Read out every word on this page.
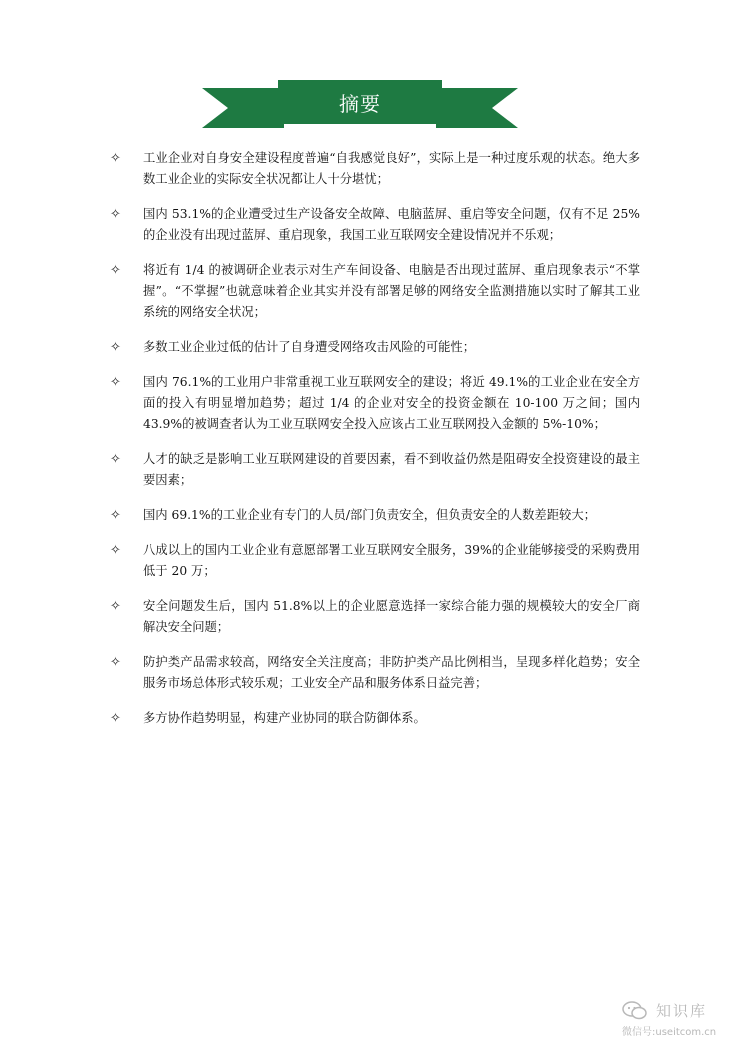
摘要
✧ 工业企业对自身安全建设程度普遍“自我感觉良好”，实际上是一种过度乐观的状态。绝大多数工业企业的实际安全状况都让人十分堪忧；
✧ 国内 53.1%的企业遭受过生产设备安全故障、电脑蓝屏、重启等安全问题，仅有不足 25%的企业没有出现过蓝屏、重启现象，我国工业互联网安全建设情况并不乐观；
✧ 将近有 1/4 的被调研企业表示对生产车间设备、电脑是否出现过蓝屏、重启现象表示“不掌握”。“不掌握”也就意味着企业其实并没有部署足够的网络安全监测措施以实时了解其工业系统的网络安全状况；
✧ 多数工业企业过低的估计了自身遭受网络攻击风险的可能性；
✧ 国内 76.1%的工业用户非常重视工业互联网安全的建设；将近 49.1%的工业企业在安全方面的投入有明显增加趋势；超过 1/4 的企业对安全的投资金额在 10-100 万之间；国内 43.9%的被调查者认为工业互联网安全投入应该占工业互联网投入金额的 5%-10%；
✧ 人才的缺乏是影响工业互联网建设的首要因素，看不到收益仍然是阻碍安全投资建设的最主要因素；
✧ 国内 69.1%的工业企业有专门的人员/部门负责安全，但负责安全的人数差距较大；
✧ 八成以上的国内工业企业有意愿部署工业互联网安全服务，39%的企业能够接受的采购费用低于 20 万；
✧ 安全问题发生后，国内 51.8%以上的企业愿意选择一家综合能力强的规模较大的安全厂商解决安全问题；
✧ 防护类产品需求较高，网络安全关注度高；非防护类产品比例相当，呈现多样化趋势；安全服务市场总体形式较乐观；工业安全产品和服务体系日益完善；
✧ 多方协作趋势明显，构建产业协同的联合防御体系。
知识库
微信号:useitcom.cn
